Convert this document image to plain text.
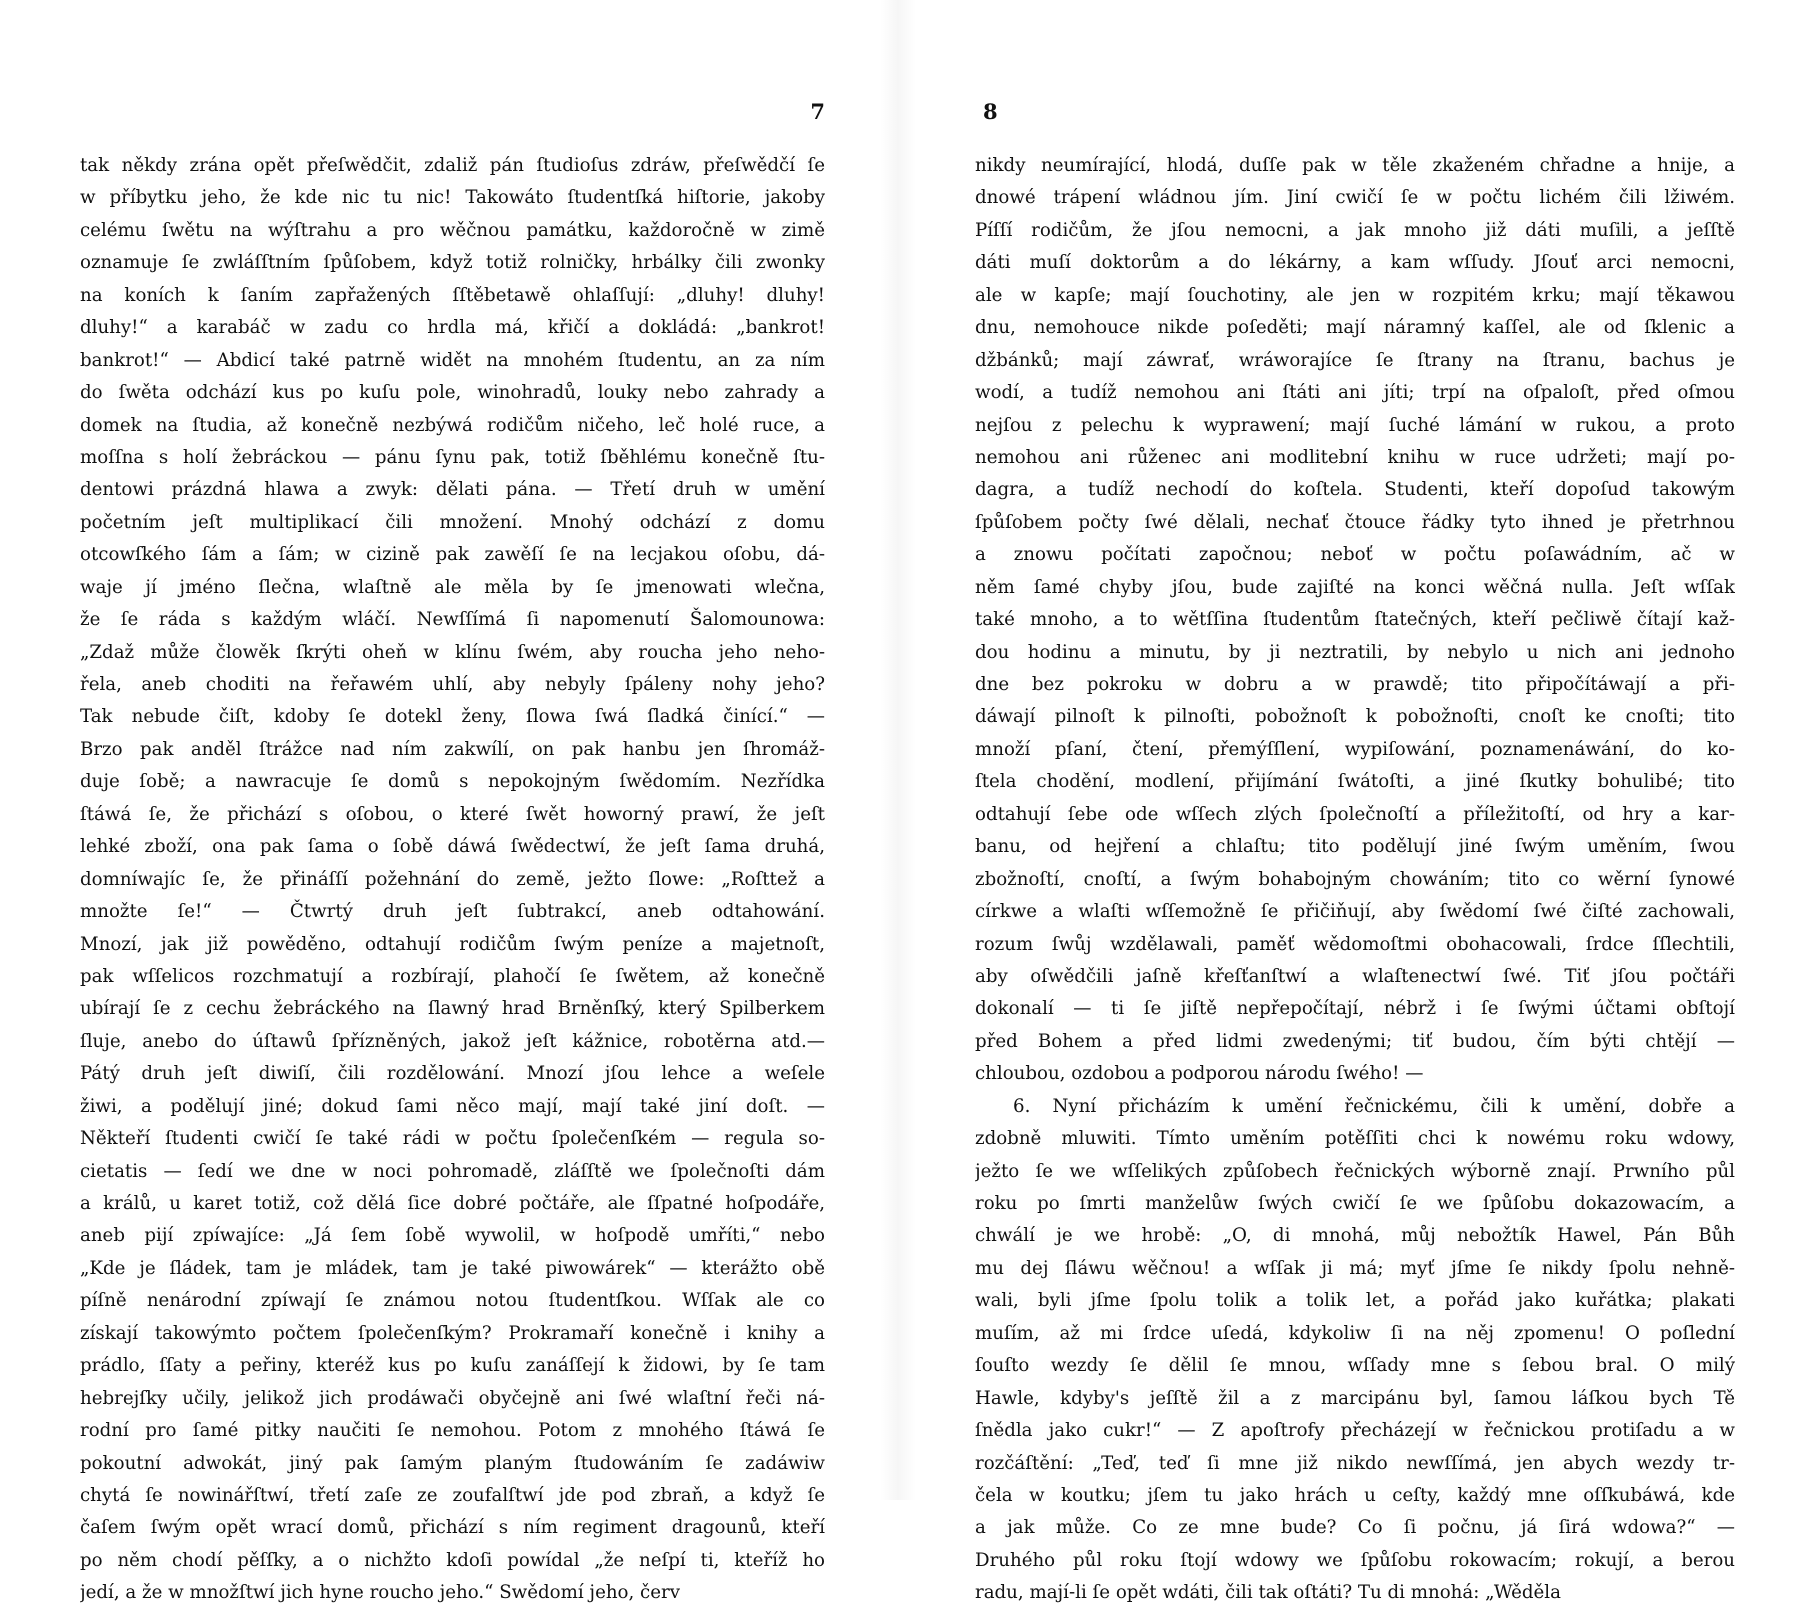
7
tak někdy zrána opět přeſwědčit, zdaliž pán ſtudioſus zdráw, přeſwědčí ſe
w příbytku jeho, že kde nic tu nic! Takowáto ſtudentſká hiſtorie, jakoby
celému ſwětu na wýſtrahu a pro wěčnou památku, každoročně w zimě
oznamuje ſe zwláſſtním ſpůſobem, když totiž rolničky, hrbálky čili zwonky
na koních k ſaním zapřažených ſſtěbetawě ohlaſſují: „dluhy! dluhy!
dluhy!“ a karabáč w zadu co hrdla má, křičí a dokládá: „bankrot!
bankrot!“ — Abdicí také patrně widět na mnohém ſtudentu, an za ním
do ſwěta odchází kus po kuſu pole, winohradů, louky nebo zahrady a
domek na ſtudia, až konečně nezbýwá rodičům ničeho, leč holé ruce, a
moſſna s holí žebráckou — pánu ſynu pak, totiž ſběhlému konečně ſtu-
dentowi prázdná hlawa a zwyk: dělati pána. — Třetí druh w umění
početním jeſt multiplikací čili množení. Mnohý odchází z domu
otcowſkého ſám a ſám; w cizině pak zawěſí ſe na lecjakou oſobu, dá-
waje jí jméno ſlečna, wlaſtně ale měla by ſe jmenowati wlečna,
že ſe ráda s každým wláčí. Newſſímá ſi napomenutí Šalomounowa:
„Zdaž může člowěk ſkrýti oheň w klínu ſwém, aby roucha jeho neho-
řela, aneb choditi na řeřawém uhlí, aby nebyly ſpáleny nohy jeho?
Tak nebude čiſt, kdoby ſe dotekl ženy, ſlowa ſwá ſladká činící.“ —
Brzo pak anděl ſtrážce nad ním zakwílí, on pak hanbu jen ſhromáž-
duje ſobě; a nawracuje ſe domů s nepokojným ſwědomím. Nezřídka
ſtáwá ſe, že přichází s oſobou, o které ſwět howorný prawí, že jeſt
lehké zboží, ona pak ſama o ſobě dáwá ſwědectwí, že jeſt ſama druhá,
domníwajíc ſe, že přináſſí požehnání do země, ježto ſlowe: „Roſttež a
množte ſe!“ — Čtwrtý druh jeſt ſubtrakcí, aneb odtahowání.
Mnozí, jak již powěděno, odtahují rodičům ſwým peníze a majetnoſt,
pak wſſelicos rozchmatují a rozbírají, plahočí ſe ſwětem, až konečně
ubírají ſe z cechu žebráckého na ſlawný hrad Brněnſký, který Spilberkem
ſluje, anebo do úſtawů ſpřízněných, jakož jeſt kážnice, robotěrna atd.—
Pátý druh jeſt diwiſí, čili rozdělowání. Mnozí jſou lehce a weſele
žiwi, a podělují jiné; dokud ſami něco mají, mají také jiní doſt. —
Někteří ſtudenti cwičí ſe také rádi w počtu ſpolečenſkém — regula so-
cietatis — ſedí we dne w noci pohromadě, zláſſtě we ſpolečnoſti dám
a králů, u karet totiž, což dělá ſice dobré počtáře, ale ſſpatné hoſpodáře,
aneb pijí zpíwajíce: „Já ſem ſobě wywolil, w hoſpodě umříti,“ nebo
„Kde je ſládek, tam je mládek, tam je také piwowárek“ — kterážto obě
píſně nenárodní zpíwají ſe známou notou ſtudentſkou. Wſſak ale co
získají takowýmto počtem ſpolečenſkým? Prokramaří konečně i knihy a
prádlo, ſſaty a peřiny, kteréž kus po kuſu zanáſſejí k židowi, by ſe tam
hebrejſky učily, jelikož jich prodáwači obyčejně ani ſwé wlaſtní řeči ná-
rodní pro ſamé pitky naučiti ſe nemohou. Potom z mnohého ſtáwá ſe
pokoutní adwokát, jiný pak ſamým planým ſtudowáním ſe zadáwiw
chytá ſe nowinářſtwí, třetí zaſe ze zoufalſtwí jde pod zbraň, a když ſe
čaſem ſwým opět wrací domů, přichází s ním regiment dragounů, kteří
po něm chodí pěſſky, a o nichžto kdoſi powídal „že neſpí ti, kteříž ho
jedí, a že w množſtwí jich hyne roucho jeho.“ Swědomí jeho, červ
8
nikdy neumírající, hlodá, duſſe pak w těle zkaženém chřadne a hnije, a
dnowé trápení wládnou jím. Jiní cwičí ſe w počtu lichém čili lžiwém.
Píſſí rodičům, že jſou nemocni, a jak mnoho již dáti muſili, a jeſſtě
dáti muſí doktorům a do lékárny, a kam wſſudy. Jſouť arci nemocni,
ale w kapſe; mají ſouchotiny, ale jen w rozpitém krku; mají těkawou
dnu, nemohouce nikde poſeděti; mají náramný kaſſel, ale od ſklenic a
džbánků; mají záwrať, wráworajíce ſe ſtrany na ſtranu, bachus je
wodí, a tudíž nemohou ani ſtáti ani jíti; trpí na oſpaloſt, před oſmou
nejſou z pelechu k wyprawení; mají ſuché lámání w rukou, a proto
nemohou ani růženec ani modlitební knihu w ruce udržeti; mají po-
dagra, a tudíž nechodí do koſtela. Studenti, kteří dopoſud takowým
ſpůſobem počty ſwé dělali, nechať čtouce řádky tyto ihned je přetrhnou
a znowu počítati započnou; neboť w počtu poſawádním, ač w
něm ſamé chyby jſou, bude zajiſté na konci wěčná nulla. Jeſt wſſak
také mnoho, a to wětſſina ſtudentům ſtatečných, kteří pečliwě čítají kaž-
dou hodinu a minutu, by ji neztratili, by nebylo u nich ani jednoho
dne bez pokroku w dobru a w prawdě; tito připočítáwají a při-
dáwají pilnoſt k pilnoſti, pobožnoſt k pobožnoſti, cnoſt ke cnoſti; tito
množí pſaní, čtení, přemýſſlení, wypiſowání, poznamenáwání, do ko-
ſtela chodění, modlení, přijímání ſwátoſti, a jiné ſkutky bohulibé; tito
odtahují ſebe ode wſſech zlých ſpolečnoſtí a příležitoſtí, od hry a kar-
banu, od hejření a chlaſtu; tito podělují jiné ſwým uměním, ſwou
zbožnoſtí, cnoſtí, a ſwým bohabojným chowáním; tito co wěrní ſynowé
církwe a wlaſti wſſemožně ſe přičiňují, aby ſwědomí ſwé čiſté zachowali,
rozum ſwůj wzdělawali, paměť wědomoſtmi obohacowali, ſrdce ſſlechtili,
aby oſwědčili jaſně křeſťanſtwí a wlaſtenectwí ſwé. Tiť jſou počtáři
dokonalí — ti ſe jiſtě nepřepočítají, nébrž i ſe ſwými účtami obſtojí
před Bohem a před lidmi zwedenými; tiť budou, čím býti chtějí —
chloubou, ozdobou a podporou národu ſwého! —
6. Nyní přicházím k umění řečnickému, čili k umění, dobře a
zdobně mluwiti. Tímto uměním potěſſiti chci k nowému roku wdowy,
ježto ſe we wſſelikých způſobech řečnických wýborně znají. Prwního půl
roku po ſmrti manželůw ſwých cwičí ſe we ſpůſobu dokazowacím, a
chwálí je we hrobě: „O, di mnohá, můj nebožtík Hawel, Pán Bůh
mu dej ſláwu wěčnou! a wſſak ji má; myť jſme ſe nikdy ſpolu nehně-
wali, byli jſme ſpolu tolik a tolik let, a pořád jako kuřátka; plakati
muſím, až mi ſrdce uſedá, kdykoliw ſi na něj zpomenu! O poſlední
ſouſto wezdy ſe dělil ſe mnou, wſſady mne s ſebou bral. O milý
Hawle, kdyby's jeſſtě žil a z marcipánu byl, ſamou láſkou bych Tě
ſnědla jako cukr!“ — Z apoſtrofy přecházejí w řečnickou protiſadu a w
rozčáſtění: „Teď, teď ſi mne již nikdo newſſímá, jen abych wezdy tr-
čela w koutku; jſem tu jako hrách u ceſty, každý mne oſſkubáwá, kde
a jak může. Co ze mne bude? Co ſi počnu, já ſirá wdowa?“ —
Druhého půl roku ſtojí wdowy we ſpůſobu rokowacím; rokují, a berou
radu, mají-li ſe opět wdáti, čili tak oſtáti? Tu di mnohá: „Wěděla
